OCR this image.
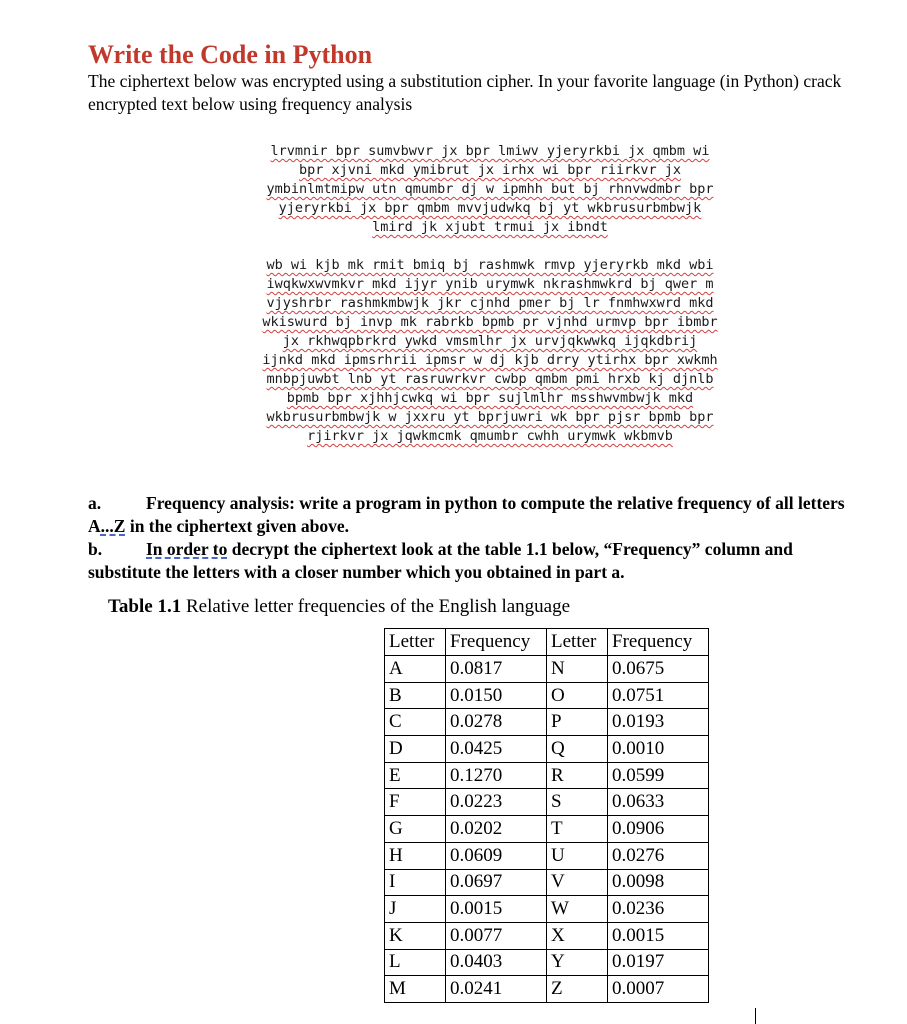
Write the Code in Python

The ciphertext below was encrypted using a substitution cipher. In your favorite language (in Python) crack encrypted text below using frequency analysis

lrvmnir bpr sumvbwvr jx bpr lmiwv yjeryrkbi jx qmbm wi
bpr xjvni mkd ymibrut jx irhx wi bpr riirkvr jx
ymbinlmtmipw utn qmumbr dj w ipmhh but bj rhnvwdmbr bpr
yjeryrkbi jx bpr qmbm mvvjudwkq bj yt wkbrusurbmbwjk
lmird jk xjubt trmui jx ibndt
wb wi kjb mk rmit bmiq bj rashmwk rmvp yjeryrkb mkd wbi
iwqkwxwvmkvr mkd ijyr ynib urymwk nkrashmwkrd bj qwer m
vjyshrbr rashmkmbwjk jkr cjnhd pmer bj lr fnmhwxwrd mkd
wkiswurd bj invp mk rabrkb bpmb pr vjnhd urmvp bpr ibmbr
jx rkhwqpbrkrd ywkd vmsmlhr jx urvjqkwwkq ijqkdbrij
ijnkd mkd ipmsrhrii ipmsr w dj kjb drry ytirhx bpr xwkmh
mnbpjuwbt lnb yt rasruwrkvr cwbp qmbm pmi hrxb kj djnlb
bpmb bpr xjhhjcwkq wi bpr sujlmlhr msshwvmbwjk mkd
wkbrusurbmbwjk w jxxru yt bprjuwri wk bpr pjsr bpmb bpr
rjirkvr jx jqwkmcmk qmumbr cwhh urymwk wkbmvb
a.	Frequency analysis: write a program in python to compute the relative frequency of all letters A...Z in the ciphertext given above.
b.	In order to decrypt the ciphertext look at the table 1.1 below, “Frequency” column and substitute the letters with a closer number which you obtained in part a.
Table 1.1 Relative letter frequencies of the English language
Letter	Frequency	Letter	Frequency
A	0.0817	N	0.0675
B	0.0150	O	0.0751
C	0.0278	P	0.0193
D	0.0425	Q	0.0010
E	0.1270	R	0.0599
F	0.0223	S	0.0633
G	0.0202	T	0.0906
H	0.0609	U	0.0276
I	0.0697	V	0.0098
J	0.0015	W	0.0236
K	0.0077	X	0.0015
L	0.0403	Y	0.0197
M	0.0241	Z	0.0007
